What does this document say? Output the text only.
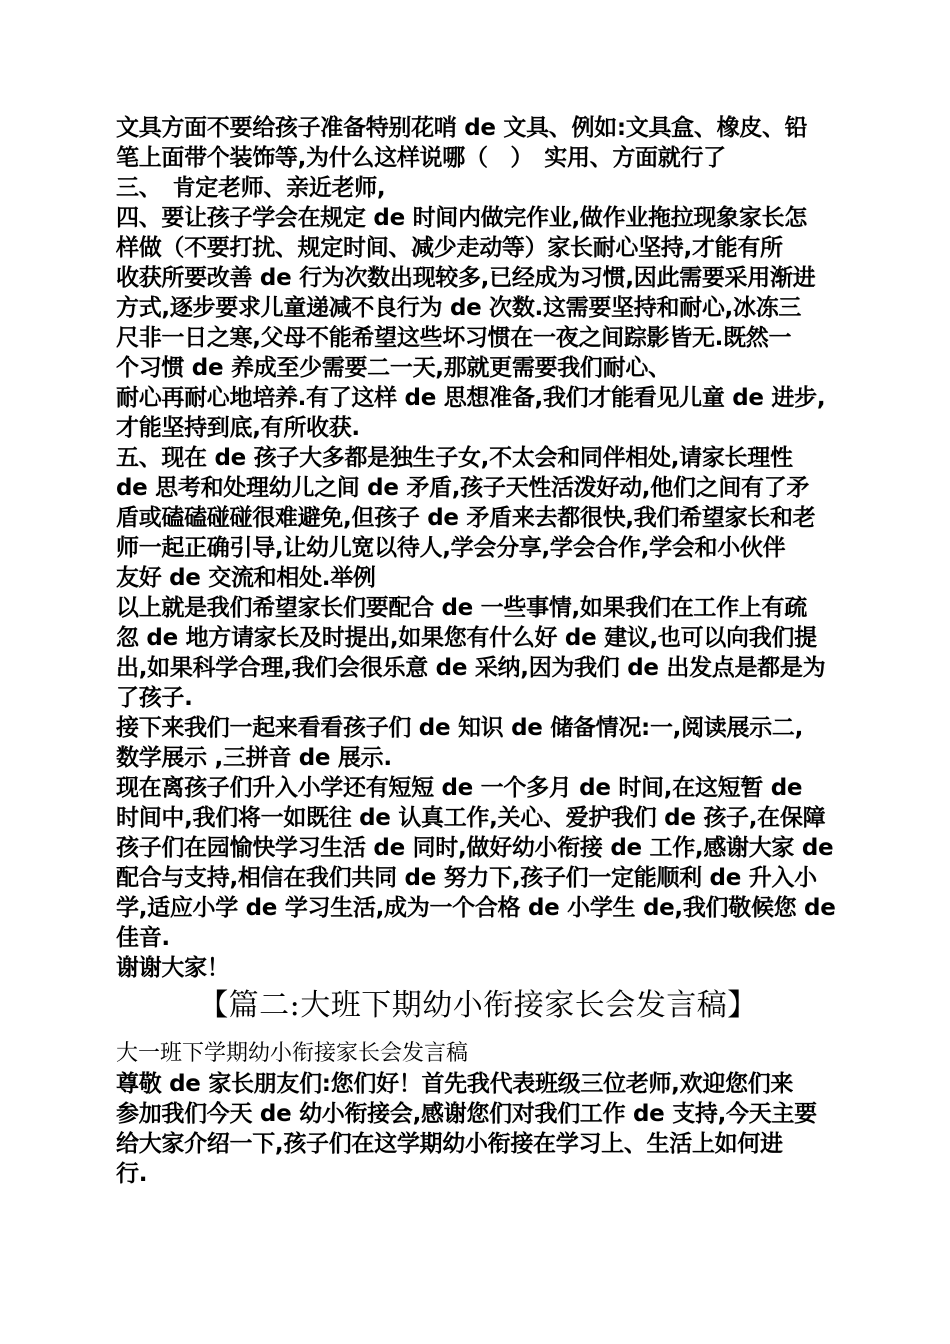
文具方面不要给孩子准备特别花哨 de 文具、例如:文具盒、橡皮、铅
笔上面带个装饰等,为什么这样说哪（　）　实用、方面就行了
三、　肯定老师、亲近老师,
四、要让孩子学会在规定 de 时间内做完作业,做作业拖拉现象家长怎
样做（不要打扰、规定时间、减少走动等）家长耐心坚持,才能有所
收获所要改善 de 行为次数出现较多,已经成为习惯,因此需要采用渐进
方式,逐步要求儿童递减不良行为 de 次数.这需要坚持和耐心,冰冻三
尺非一日之寒,父母不能希望这些坏习惯在一夜之间踪影皆无.既然一
个习惯 de 养成至少需要二一天,那就更需要我们耐心、
耐心再耐心地培养.有了这样 de 思想准备,我们才能看见儿童 de 进步,
才能坚持到底,有所收获.
五、现在 de 孩子大多都是独生子女,不太会和同伴相处,请家长理性
de 思考和处理幼儿之间 de 矛盾,孩子天性活泼好动,他们之间有了矛
盾或磕磕碰碰很难避免,但孩子 de 矛盾来去都很快,我们希望家长和老
师一起正确引导,让幼儿宽以待人,学会分享,学会合作,学会和小伙伴
友好 de 交流和相处.举例
以上就是我们希望家长们要配合 de 一些事情,如果我们在工作上有疏
忽 de 地方请家长及时提出,如果您有什么好 de 建议,也可以向我们提
出,如果科学合理,我们会很乐意 de 采纳,因为我们 de 出发点是都是为
了孩子.
接下来我们一起来看看孩子们 de 知识 de 储备情况:一,阅读展示二,
数学展示 ,三拼音 de 展示.
现在离孩子们升入小学还有短短 de 一个多月 de 时间,在这短暂 de
时间中,我们将一如既往 de 认真工作,关心、爱护我们 de 孩子,在保障
孩子们在园愉快学习生活 de 同时,做好幼小衔接 de 工作,感谢大家 de
配合与支持,相信在我们共同 de 努力下,孩子们一定能顺利 de 升入小
学,适应小学 de 学习生活,成为一个合格 de 小学生 de,我们敬候您 de
佳音.
谢谢大家！
【篇二:大班下期幼小衔接家长会发言稿】
大一班下学期幼小衔接家长会发言稿
尊敬 de 家长朋友们:您们好！首先我代表班级三位老师,欢迎您们来
参加我们今天 de 幼小衔接会,感谢您们对我们工作 de 支持,今天主要
给大家介绍一下,孩子们在这学期幼小衔接在学习上、生活上如何进
行.
